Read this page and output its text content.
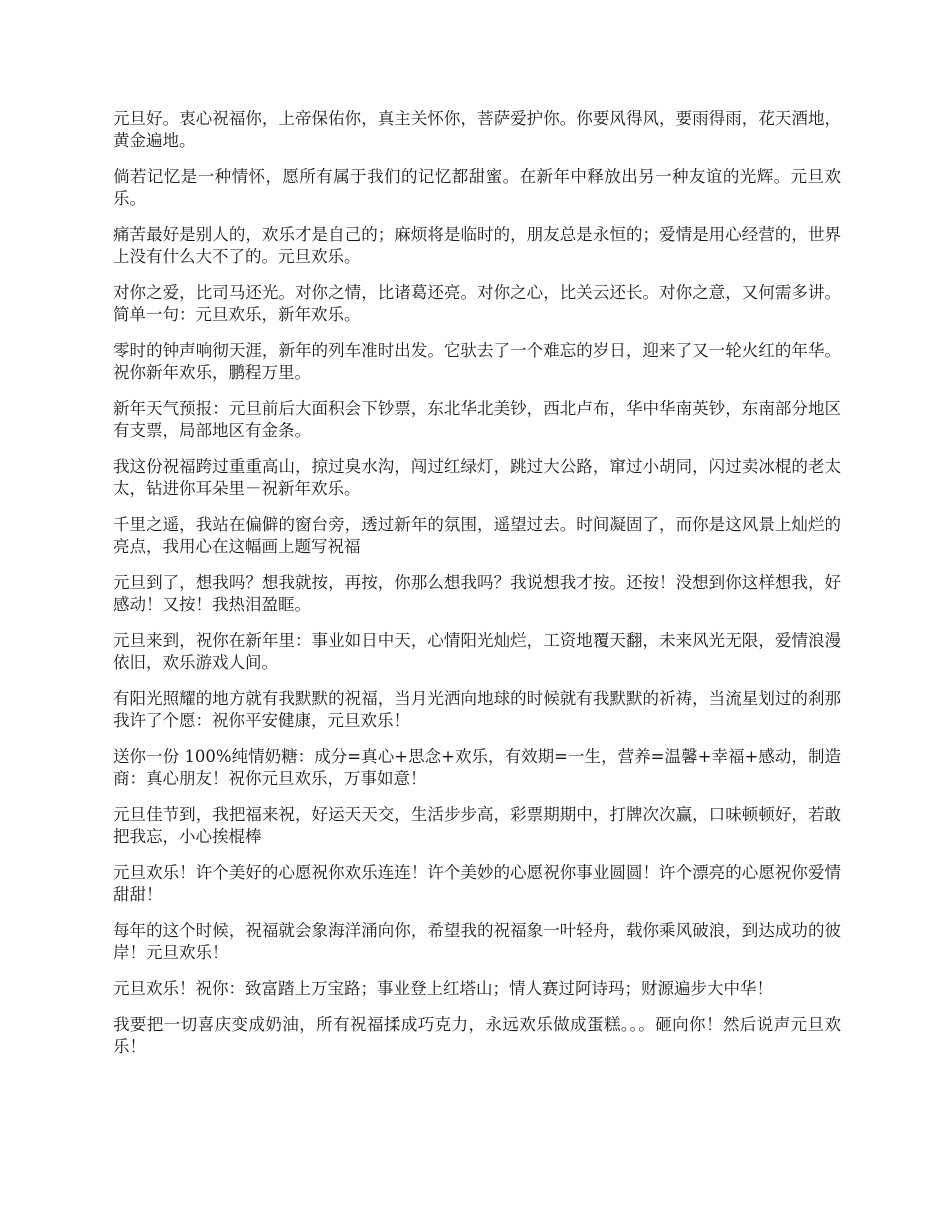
元旦好。衷心祝福你，上帝保佑你，真主关怀你，菩萨爱护你。你要风得风，要雨得雨，花天酒地，黄金遍地。

倘若记忆是一种情怀，愿所有属于我们的记忆都甜蜜。在新年中释放出另一种友谊的光辉。元旦欢乐。

痛苦最好是别人的，欢乐才是自己的；麻烦将是临时的，朋友总是永恒的；爱情是用心经营的，世界上没有什么大不了的。元旦欢乐。

对你之爱，比司马还光。对你之情，比诸葛还亮。对你之心，比关云还长。对你之意，又何需多讲。简单一句：元旦欢乐，新年欢乐。

零时的钟声响彻天涯，新年的列车准时出发。它驮去了一个难忘的岁日，迎来了又一轮火红的年华。祝你新年欢乐，鹏程万里。

新年天气预报：元旦前后大面积会下钞票，东北华北美钞，西北卢布，华中华南英钞，东南部分地区有支票，局部地区有金条。

我这份祝福跨过重重高山，掠过臭水沟，闯过红绿灯，跳过大公路，窜过小胡同，闪过卖冰棍的老太太，钻进你耳朵里－祝新年欢乐。

千里之遥，我站在偏僻的窗台旁，透过新年的氛围，遥望过去。时间凝固了，而你是这风景上灿烂的亮点，我用心在这幅画上题写祝福

元旦到了，想我吗？想我就按，再按，你那么想我吗？我说想我才按。还按！没想到你这样想我，好感动！又按！我热泪盈眶。

元旦来到，祝你在新年里：事业如日中天，心情阳光灿烂，工资地覆天翻，未来风光无限，爱情浪漫依旧，欢乐游戏人间。

有阳光照耀的地方就有我默默的祝福，当月光洒向地球的时候就有我默默的祈祷，当流星划过的刹那我许了个愿：祝你平安健康，元旦欢乐！

送你一份 100%纯情奶糖：成分=真心+思念+欢乐，有效期=一生，营养=温馨+幸福+感动，制造商：真心朋友！祝你元旦欢乐，万事如意！

元旦佳节到，我把福来祝，好运天天交，生活步步高，彩票期期中，打牌次次赢，口味顿顿好，若敢把我忘，小心挨棍棒

元旦欢乐！许个美好的心愿祝你欢乐连连！许个美妙的心愿祝你事业圆圆！许个漂亮的心愿祝你爱情甜甜！

每年的这个时候，祝福就会象海洋涌向你，希望我的祝福象一叶轻舟，载你乘风破浪，到达成功的彼岸！元旦欢乐！

元旦欢乐！祝你：致富踏上万宝路；事业登上红塔山；情人赛过阿诗玛；财源遍步大中华！

我要把一切喜庆变成奶油，所有祝福揉成巧克力，永远欢乐做成蛋糕。。。砸向你！然后说声元旦欢乐！
